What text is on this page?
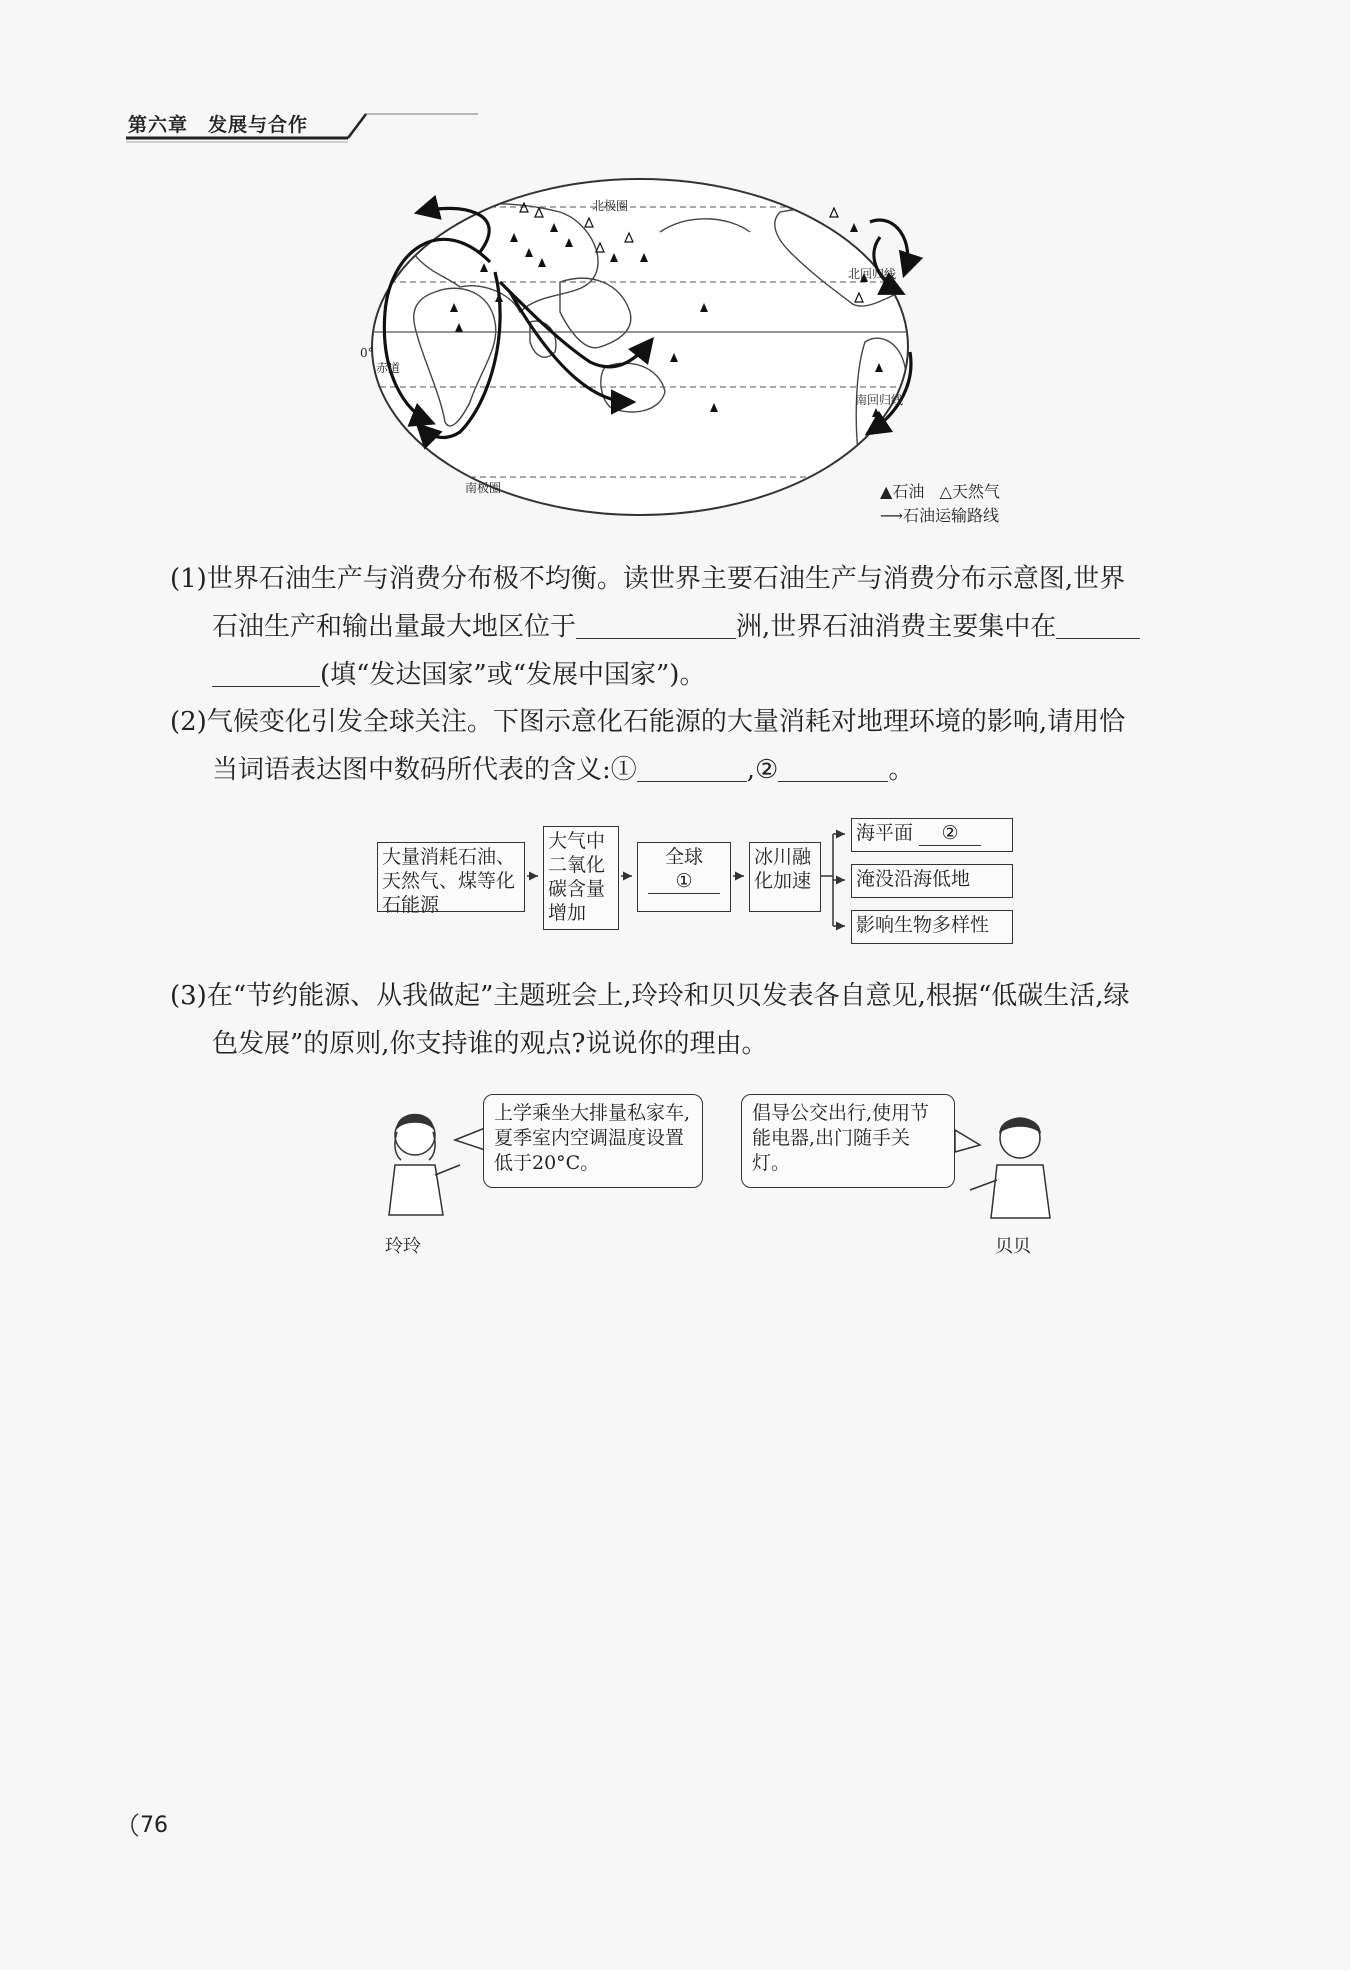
第六章　发展与合作
北极圈
北回归线
0°
赤道
南回归线
南极圈	▲石油 △天然气
⟶石油运输路线
(1)世界石油生产与消费分布极不均衡。读世界主要石油生产与消费分布示意图,世界
石油生产和输出量最大地区位于	洲,世界石油消费主要集中在
(填“发达国家”或“发展中国家”)。
(2)气候变化引发全球关注。下图示意化石能源的大量消耗对地理环境的影响,请用恰
当词语表达图中数码所代表的含义:①	,②	。
大量消耗石油、天然气、煤等化石能源
大气中二氧化碳含量增加
全球
①
冰川融化加速
海平面 ②
淹没沿海低地
影响生物多样性
(3)在“节约能源、从我做起”主题班会上,玲玲和贝贝发表各自意见,根据“低碳生活,绿
色发展”的原则,你支持谁的观点?说说你的理由。
上学乘坐大排量私家车,夏季室内空调温度设置低于20°C。
倡导公交出行,使用节能电器,出门随手关灯。
玲玲	贝贝
76
